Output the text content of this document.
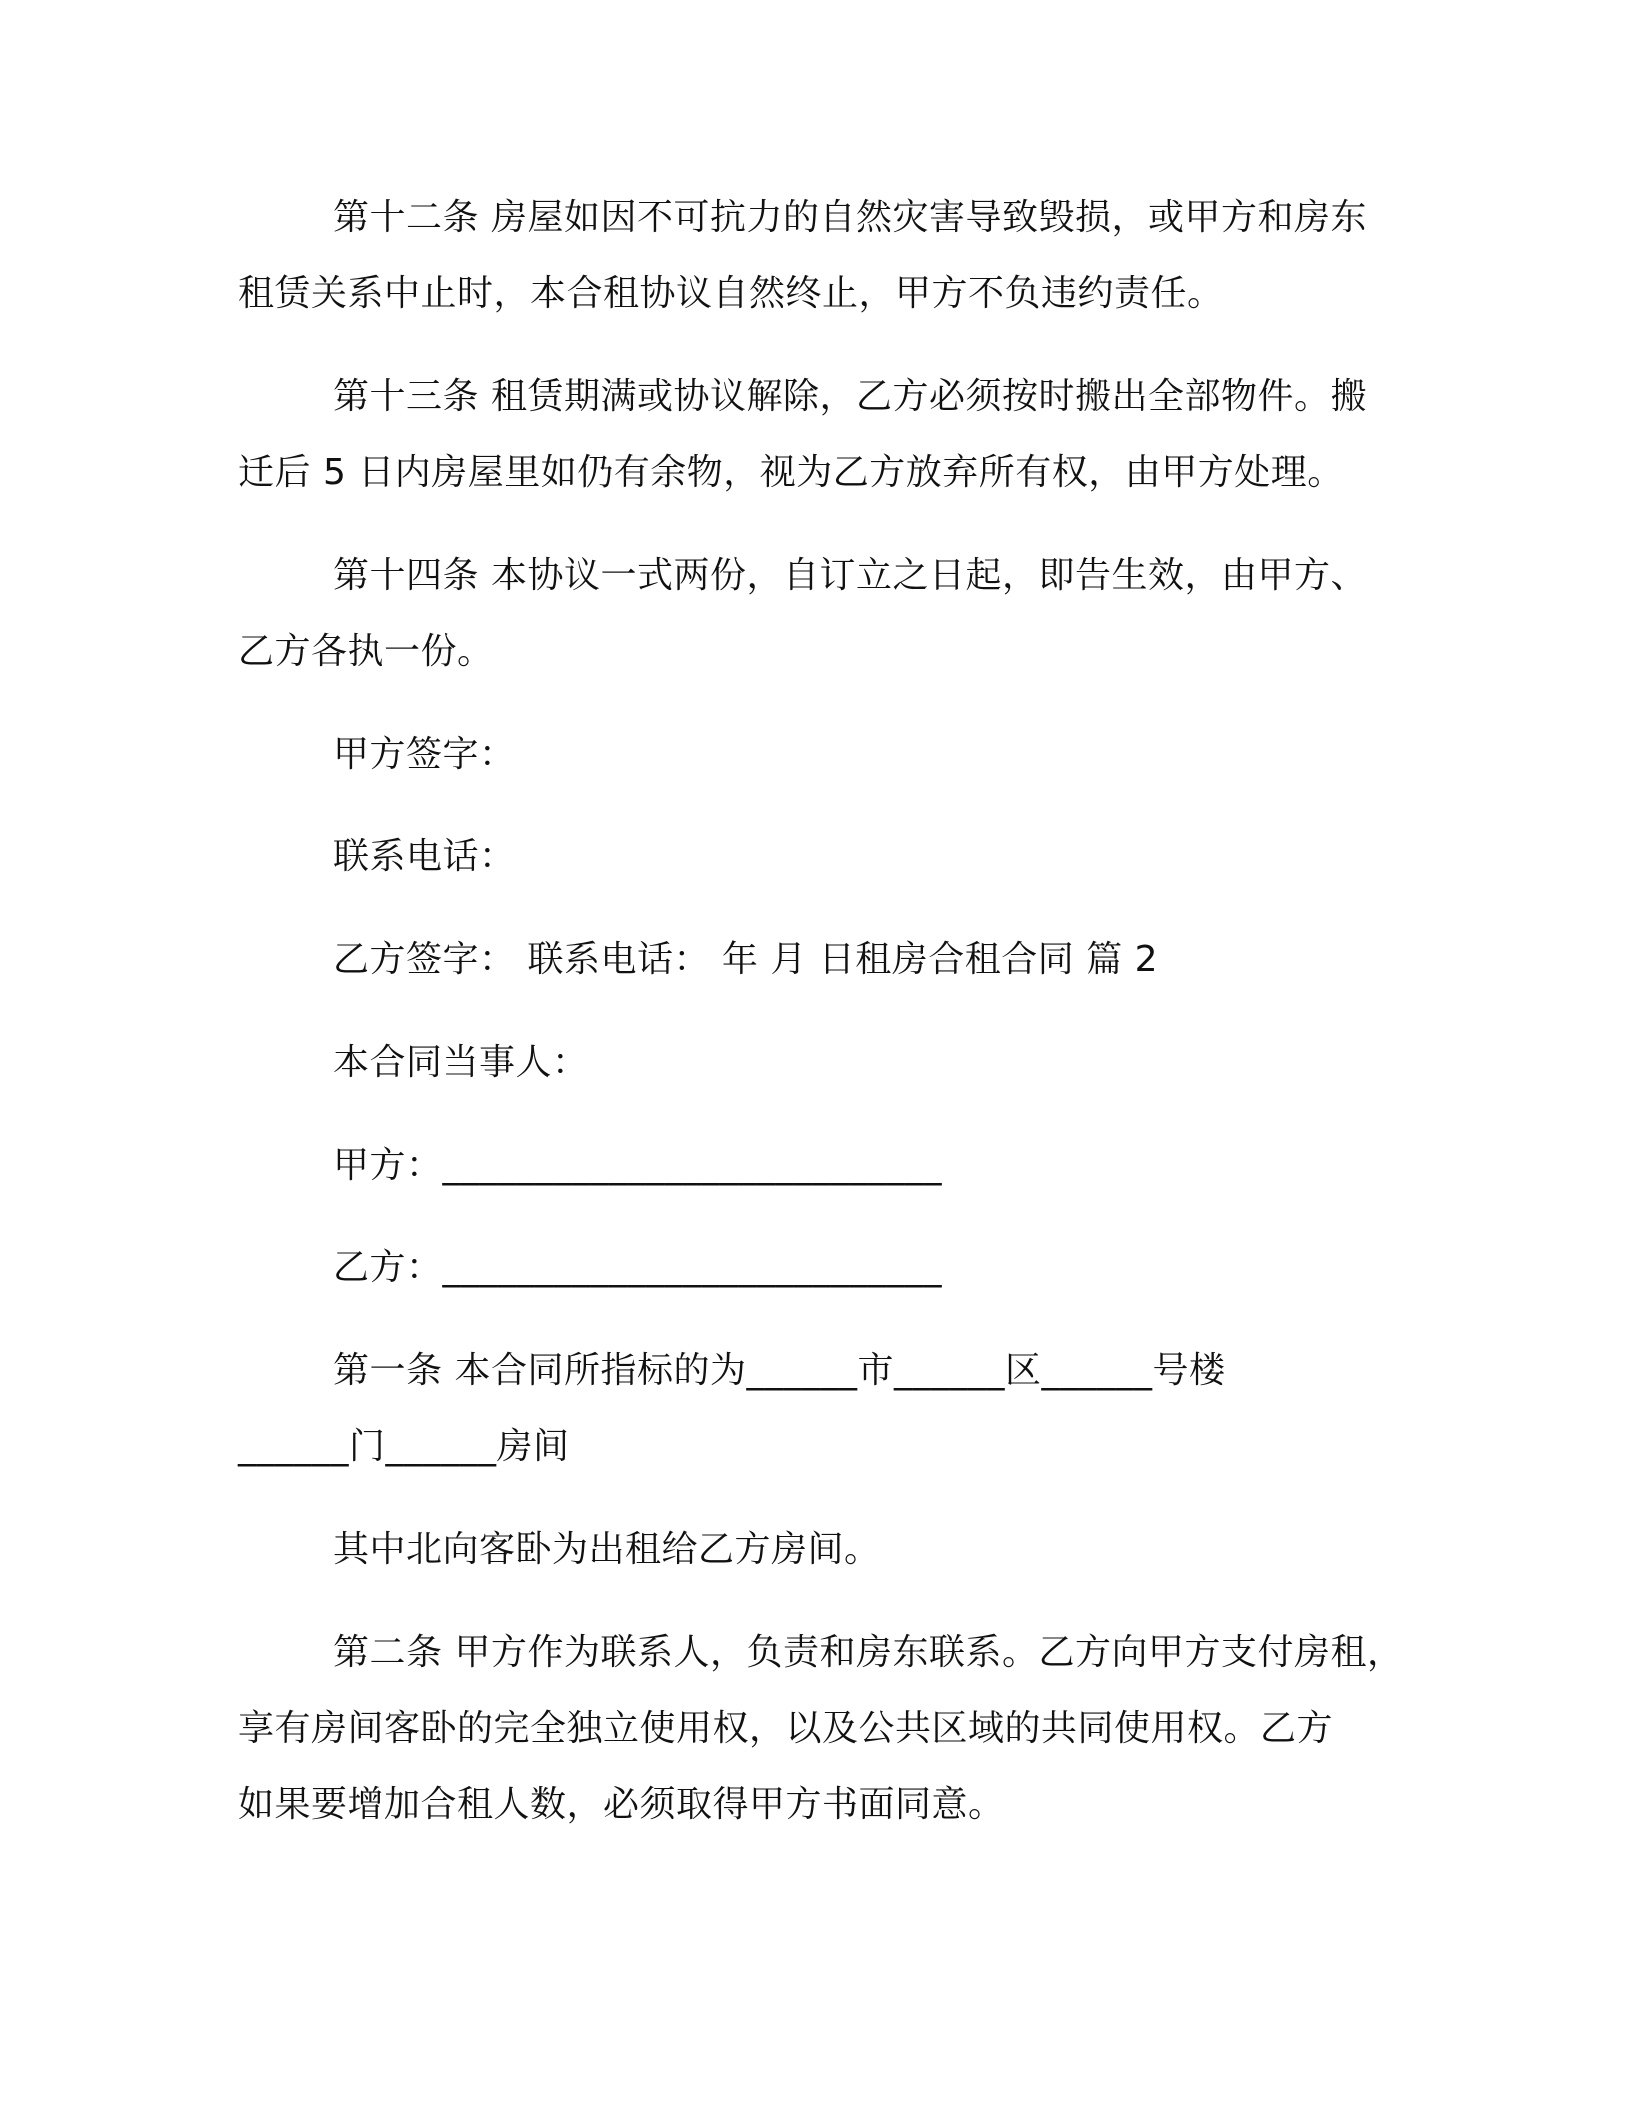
第十二条 房屋如因不可抗力的自然灾害导致毁损，或甲方和房东
租赁关系中止时，本合租协议自然终止，甲方不负违约责任。
第十三条 租赁期满或协议解除，乙方必须按时搬出全部物件。搬
迁后 5 日内房屋里如仍有余物，视为乙方放弃所有权，由甲方处理。
第十四条 本协议一式两份，自订立之日起，即告生效，由甲方、
乙方各执一份。
甲方签字：
联系电话：
乙方签字： 联系电话： 年 月 日租房合租合同 篇 2
本合同当事人：
甲方：___________________________
乙方：___________________________
第一条 本合同所指标的为______市______区______号楼
______门______房间
其中北向客卧为出租给乙方房间。
第二条 甲方作为联系人，负责和房东联系。乙方向甲方支付房租，
享有房间客卧的完全独立使用权，以及公共区域的共同使用权。乙方
如果要增加合租人数，必须取得甲方书面同意。
